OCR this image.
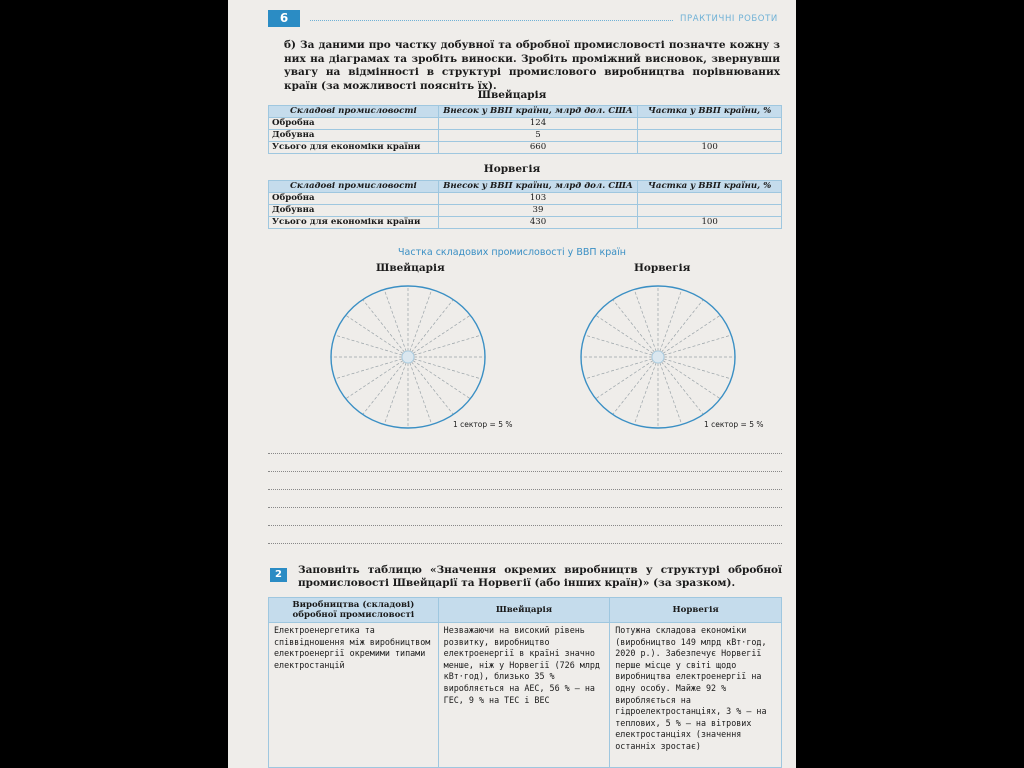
6	ПРАКТИЧНІ РОБОТИ
б) За даними про частку добувної та обробної промисловості позначте кожну з них на діаграмах та зробіть виноски. Зробіть проміжний висновок, звернувши увагу на відмінності в структурі промислового виробництва порівнюваних країн (за можливості поясніть їх).
Швейцарія
Складові промисловості	Внесок у ВВП країни, млрд дол. США	Частка у ВВП країни, %
Обробна	124	
Добувна	5	
Усього для економіки країни	660	100
Норвегія
Складові промисловості	Внесок у ВВП країни, млрд дол. США	Частка у ВВП країни, %
Обробна	103	
Добувна	39	
Усього для економіки країни	430	100
Частка складових промисловості у ВВП країн
Швейцарія	Норвегія
1 сектор = 5 %	1 сектор = 5 %
2	Заповніть таблицю «Значення окремих виробництв у структурі обробної промисловості Швейцарії та Норвегії (або інших країн)» (за зразком).
Виробництва (складові) обробної промисловості	Швейцарія	Норвегія
Електроенергетика та співвідношення між виробництвом електроенергії окремими типами електростанцій	Незважаючи на високий рівень розвитку, виробництво електроенергії в країні значно менше, ніж у Норвегії (726 млрд кВт·год), близько 35 % виробляється на АЕС, 56 % — на ГЕС, 9 % на ТЕС і ВЕС	Потужна складова економіки (виробництво 149 млрд кВт·год, 2020 р.). Забезпечує Норвегії перше місце у світі щодо виробництва електроенергії на одну особу. Майже 92 % виробляється на гідроелектростанціях, 3 % — на теплових, 5 % — на вітрових електростанціях (значення останніх зростає)
